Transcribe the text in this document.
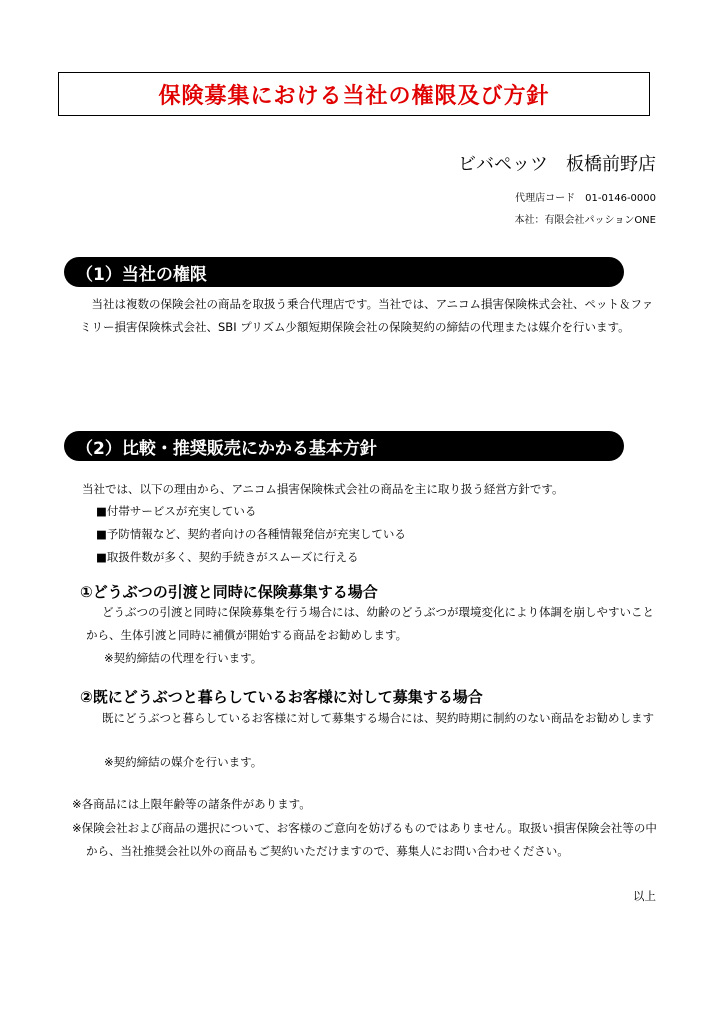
保険募集における当社の権限及び方針
ビバペッツ　板橋前野店
代理店コード　01-0146-0000
本社：有限会社パッションONE
（1）当社の権限
　当社は複数の保険会社の商品を取扱う乗合代理店です。当社では、アニコム損害保険株式会社、ペット＆ファミリー損害保険株式会社、SBI プリズム少額短期保険会社の保険契約の締結の代理または媒介を行います。
（2）比較・推奨販売にかかる基本方針
当社では、以下の理由から、アニコム損害保険株式会社の商品を主に取り扱う経営方針です。
■付帯サービスが充実している
■予防情報など、契約者向けの各種情報発信が充実している
■取扱件数が多く、契約手続きがスムーズに行える
①どうぶつの引渡と同時に保険募集する場合
どうぶつの引渡と同時に保険募集を行う場合には、幼齢のどうぶつが環境変化により体調を崩しやすいことから、生体引渡と同時に補償が開始する商品をお勧めします。
※契約締結の代理を行います。
②既にどうぶつと暮らしているお客様に対して募集する場合
既にどうぶつと暮らしているお客様に対して募集する場合には、契約時期に制約のない商品をお勧めします
※契約締結の媒介を行います。
※各商品には上限年齢等の諸条件があります。
※保険会社および商品の選択について、お客様のご意向を妨げるものではありません。取扱い損害保険会社等の中から、当社推奨会社以外の商品もご契約いただけますので、募集人にお問い合わせください。
以上
